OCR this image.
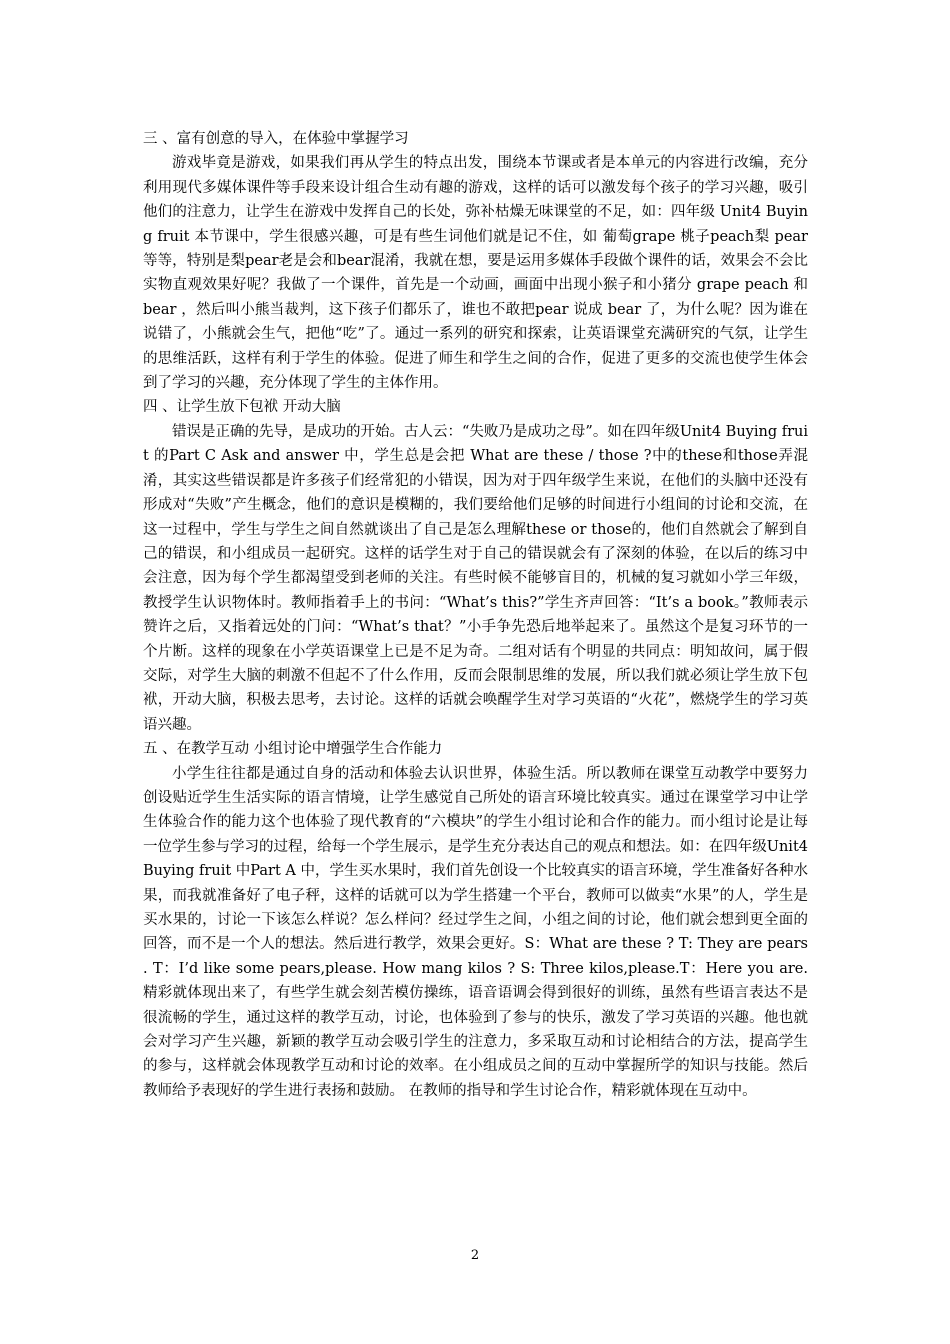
三 、富有创意的导入，在体验中掌握学习

游戏毕竟是游戏，如果我们再从学生的特点出发，围绕本节课或者是本单元的内容进行改编，充分利用现代多媒体课件等手段来设计组合生动有趣的游戏，这样的话可以激发每个孩子的学习兴趣，吸引他们的注意力，让学生在游戏中发挥自己的长处，弥补枯燥无味课堂的不足，如：四年级 Unit4 Buying fruit 本节课中，学生很感兴趣，可是有些生词他们就是记不住，如 葡萄grape 桃子peach梨 pear 等等，特别是梨pear老是会和bear混淆，我就在想，要是运用多媒体手段做个课件的话，效果会不会比实物直观效果好呢？我做了一个课件，首先是一个动画，画面中出现小猴子和小猪分 grape peach 和 bear ，然后叫小熊当裁判，这下孩子们都乐了，谁也不敢把pear 说成 bear 了，为什么呢？因为谁在说错了，小熊就会生气，把他“吃”了。通过一系列的研究和探索，让英语课堂充满研究的气氛，让学生的思维活跃，这样有利于学生的体验。促进了师生和学生之间的合作，促进了更多的交流也使学生体会到了学习的兴趣，充分体现了学生的主体作用。

四 、让学生放下包袱 开动大脑

错误是正确的先导，是成功的开始。古人云：“失败乃是成功之母”。如在四年级Unit4 Buying fruit 的Part C Ask and answer 中，学生总是会把 What are these / those ?中的these和those弄混淆，其实这些错误都是许多孩子们经常犯的小错误，因为对于四年级学生来说，在他们的头脑中还没有形成对“失败”产生概念，他们的意识是模糊的，我们要给他们足够的时间进行小组间的讨论和交流，在这一过程中，学生与学生之间自然就谈出了自己是怎么理解these or those的，他们自然就会了解到自己的错误，和小组成员一起研究。这样的话学生对于自己的错误就会有了深刻的体验，在以后的练习中会注意，因为每个学生都渴望受到老师的关注。有些时候不能够盲目的，机械的复习就如小学三年级，教授学生认识物体时。教师指着手上的书问：“What’s this?”学生齐声回答：“It’s a book。”教师表示赞许之后，又指着远处的门问：“What’s that？”小手争先恐后地举起来了。虽然这个是复习环节的一个片断。这样的现象在小学英语课堂上已是不足为奇。二组对话有个明显的共同点：明知故问，属于假交际，对学生大脑的刺激不但起不了什么作用，反而会限制思维的发展，所以我们就必须让学生放下包袱，开动大脑，积极去思考，去讨论。这样的话就会唤醒学生对学习英语的“火花”，燃烧学生的学习英语兴趣。

五 、在教学互动 小组讨论中增强学生合作能力

小学生往往都是通过自身的活动和体验去认识世界，体验生活。所以教师在课堂互动教学中要努力创设贴近学生生活实际的语言情境，让学生感觉自己所处的语言环境比较真实。通过在课堂学习中让学生体验合作的能力这个也体验了现代教育的“六模块”的学生小组讨论和合作的能力。而小组讨论是让每一位学生参与学习的过程，给每一个学生展示，是学生充分表达自己的观点和想法。如：在四年级Unit4 Buying fruit 中Part A 中，学生买水果时，我们首先创设一个比较真实的语言环境，学生准备好各种水果，而我就准备好了电子秤，这样的话就可以为学生搭建一个平台，教师可以做卖“水果”的人，学生是买水果的，讨论一下该怎么样说？怎么样问？经过学生之间，小组之间的讨论，他们就会想到更全面的回答，而不是一个人的想法。然后进行教学，效果会更好。S：What are these ? T: They are pears . T：I’d like some pears,please. How mang kilos ? S: Three kilos,please.T：Here you are.精彩就体现出来了，有些学生就会刻苦模仿操练，语音语调会得到很好的训练，虽然有些语言表达不是很流畅的学生，通过这样的教学互动，讨论，也体验到了参与的快乐，激发了学习英语的兴趣。他也就会对学习产生兴趣，新颖的教学互动会吸引学生的注意力，多采取互动和讨论相结合的方法，提高学生的参与，这样就会体现教学互动和讨论的效率。在小组成员之间的互动中掌握所学的知识与技能。然后教师给予表现好的学生进行表扬和鼓励。 在教师的指导和学生讨论合作，精彩就体现在互动中。

2
